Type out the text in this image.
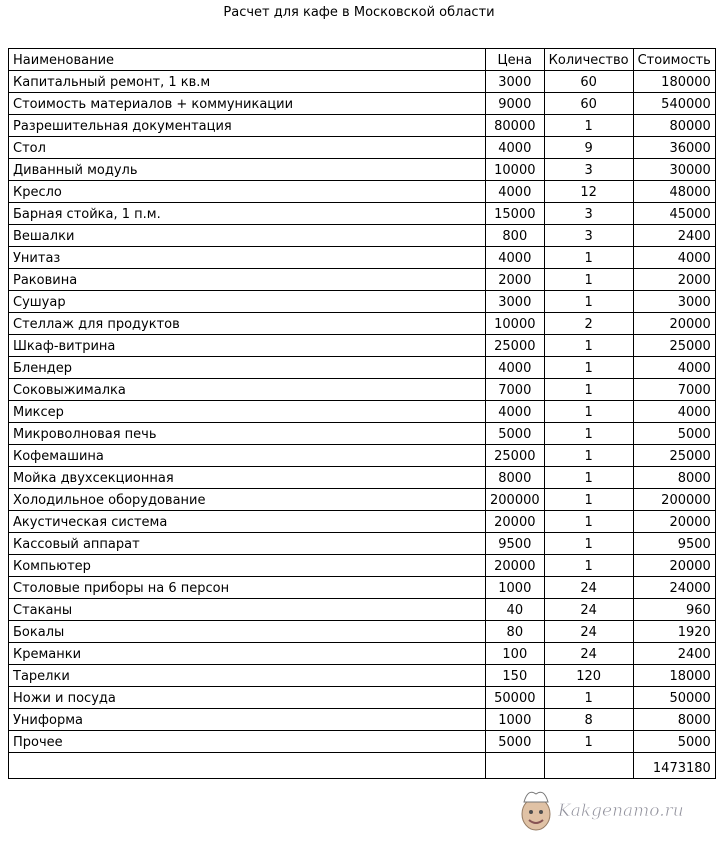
Расчет для кафе в Московской области
Наименование	Цена	Количество	Стоимость
Капитальный ремонт, 1 кв.м	3000	60	180000
Стоимость материалов + коммуникации	9000	60	540000
Разрешительная документация	80000	1	80000
Стол	4000	9	36000
Диванный модуль	10000	3	30000
Кресло	4000	12	48000
Барная стойка, 1 п.м.	15000	3	45000
Вешалки	800	3	2400
Унитаз	4000	1	4000
Раковина	2000	1	2000
Сушуар	3000	1	3000
Стеллаж для продуктов	10000	2	20000
Шкаф-витрина	25000	1	25000
Блендер	4000	1	4000
Соковыжималка	7000	1	7000
Миксер	4000	1	4000
Микроволновая печь	5000	1	5000
Кофемашина	25000	1	25000
Мойка двухсекционная	8000	1	8000
Холодильное оборудование	200000	1	200000
Акустическая система	20000	1	20000
Кассовый аппарат	9500	1	9500
Компьютер	20000	1	20000
Столовые приборы на 6 персон	1000	24	24000
Стаканы	40	24	960
Бокалы	80	24	1920
Креманки	100	24	2400
Тарелки	150	120	18000
Ножи и посуда	50000	1	50000
Униформа	1000	8	8000
Прочее	5000	1	5000
			1473180
Kakgenamo.ru
